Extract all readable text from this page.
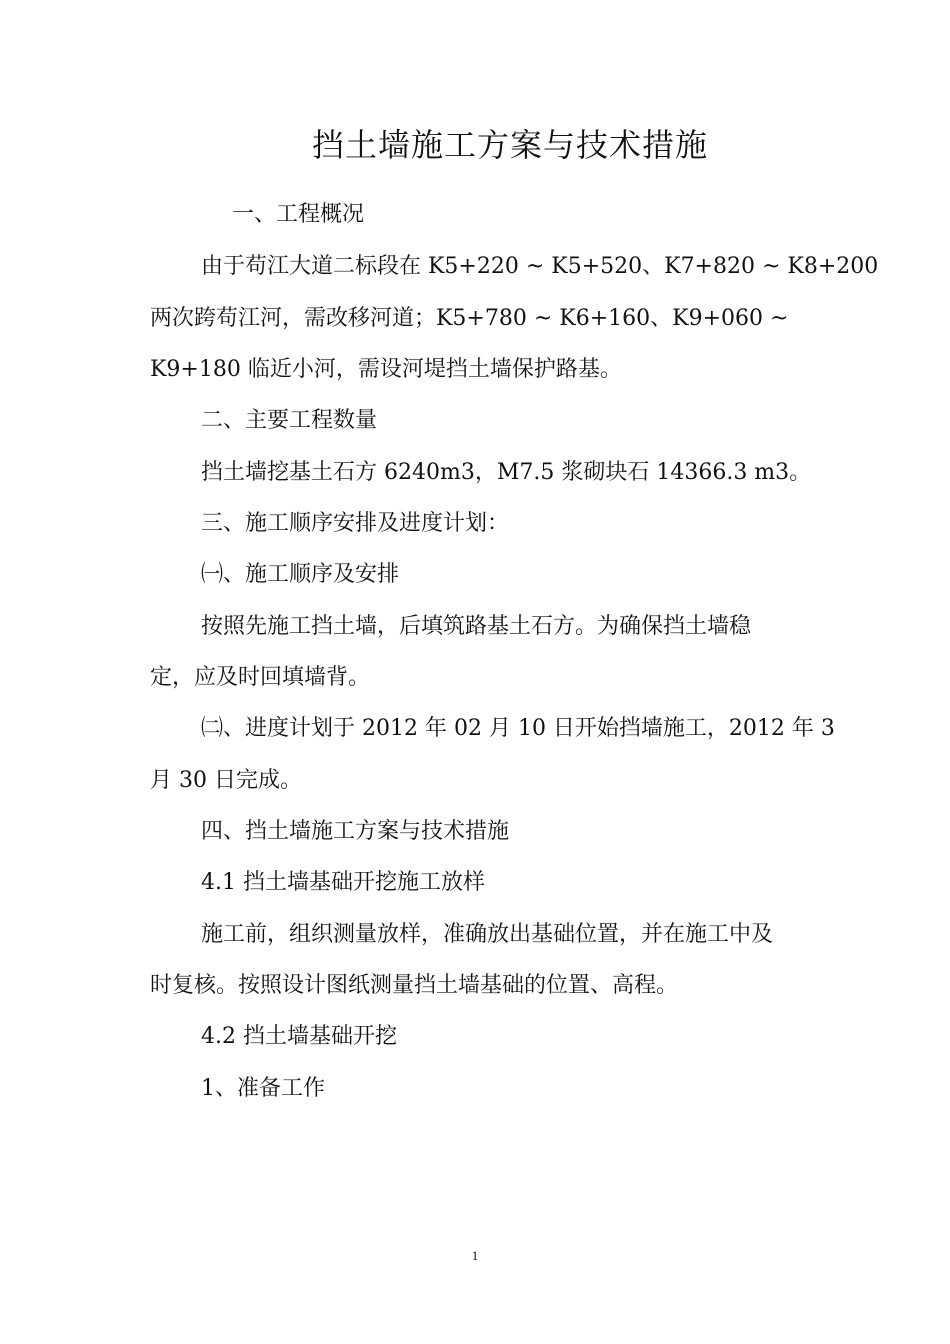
挡土墙施工方案与技术措施

一、工程概况

由于苟江大道二标段在 K5+220 ~ K5+520、K7+820 ~ K8+200

两次跨苟江河，需改移河道；K5+780 ~ K6+160、K9+060 ~

K9+180 临近小河，需设河堤挡土墙保护路基。

二、主要工程数量

挡土墙挖基土石方 6240m3，M7.5 浆砌块石 14366.3 m3。

三、施工顺序安排及进度计划：

㈠、施工顺序及安排

按照先施工挡土墙，后填筑路基土石方。为确保挡土墙稳

定，应及时回填墙背。

㈡、进度计划于 2012 年 02 月 10 日开始挡墙施工，2012 年 3

月 30 日完成。

四、挡土墙施工方案与技术措施

4.1 挡土墙基础开挖施工放样

施工前，组织测量放样，准确放出基础位置，并在施工中及

时复核。按照设计图纸测量挡土墙基础的位置、高程。

4.2 挡土墙基础开挖

1、准备工作

1
